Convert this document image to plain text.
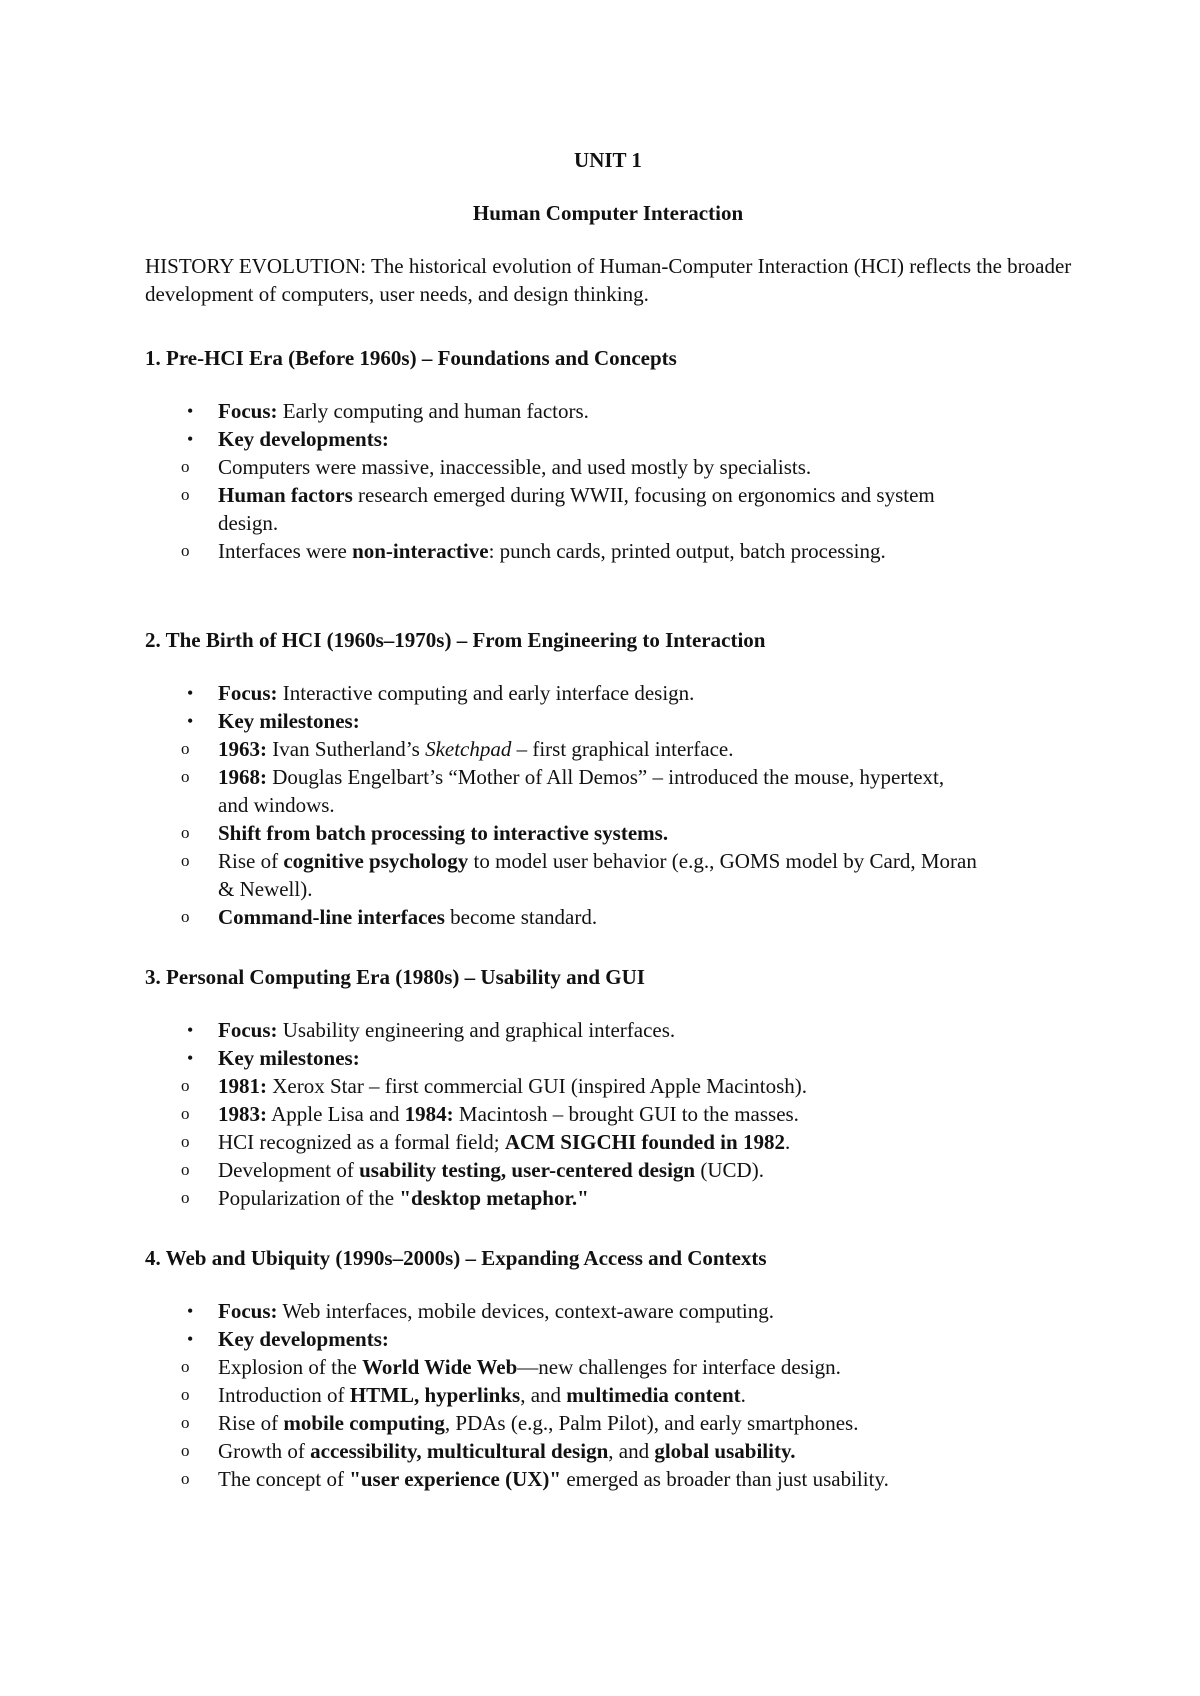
UNIT 1
Human Computer Interaction

HISTORY EVOLUTION: The historical evolution of Human-Computer Interaction (HCI) reflects the broader development of computers, user needs, and design thinking.

1. Pre-HCI Era (Before 1960s) – Foundations and Concepts
• Focus: Early computing and human factors.
• Key developments:
o Computers were massive, inaccessible, and used mostly by specialists.
o Human factors research emerged during WWII, focusing on ergonomics and system design.
o Interfaces were non-interactive: punch cards, printed output, batch processing.
2. The Birth of HCI (1960s–1970s) – From Engineering to Interaction
• Focus: Interactive computing and early interface design.
• Key milestones:
o 1963: Ivan Sutherland’s Sketchpad – first graphical interface.
o 1968: Douglas Engelbart’s “Mother of All Demos” – introduced the mouse, hypertext, and windows.
o Shift from batch processing to interactive systems.
o Rise of cognitive psychology to model user behavior (e.g., GOMS model by Card, Moran & Newell).
o Command-line interfaces become standard.
3. Personal Computing Era (1980s) – Usability and GUI
• Focus: Usability engineering and graphical interfaces.
• Key milestones:
o 1981: Xerox Star – first commercial GUI (inspired Apple Macintosh).
o 1983: Apple Lisa and 1984: Macintosh – brought GUI to the masses.
o HCI recognized as a formal field; ACM SIGCHI founded in 1982.
o Development of usability testing, user-centered design (UCD).
o Popularization of the "desktop metaphor."
4. Web and Ubiquity (1990s–2000s) – Expanding Access and Contexts
• Focus: Web interfaces, mobile devices, context-aware computing.
• Key developments:
o Explosion of the World Wide Web—new challenges for interface design.
o Introduction of HTML, hyperlinks, and multimedia content.
o Rise of mobile computing, PDAs (e.g., Palm Pilot), and early smartphones.
o Growth of accessibility, multicultural design, and global usability.
o The concept of "user experience (UX)" emerged as broader than just usability.
